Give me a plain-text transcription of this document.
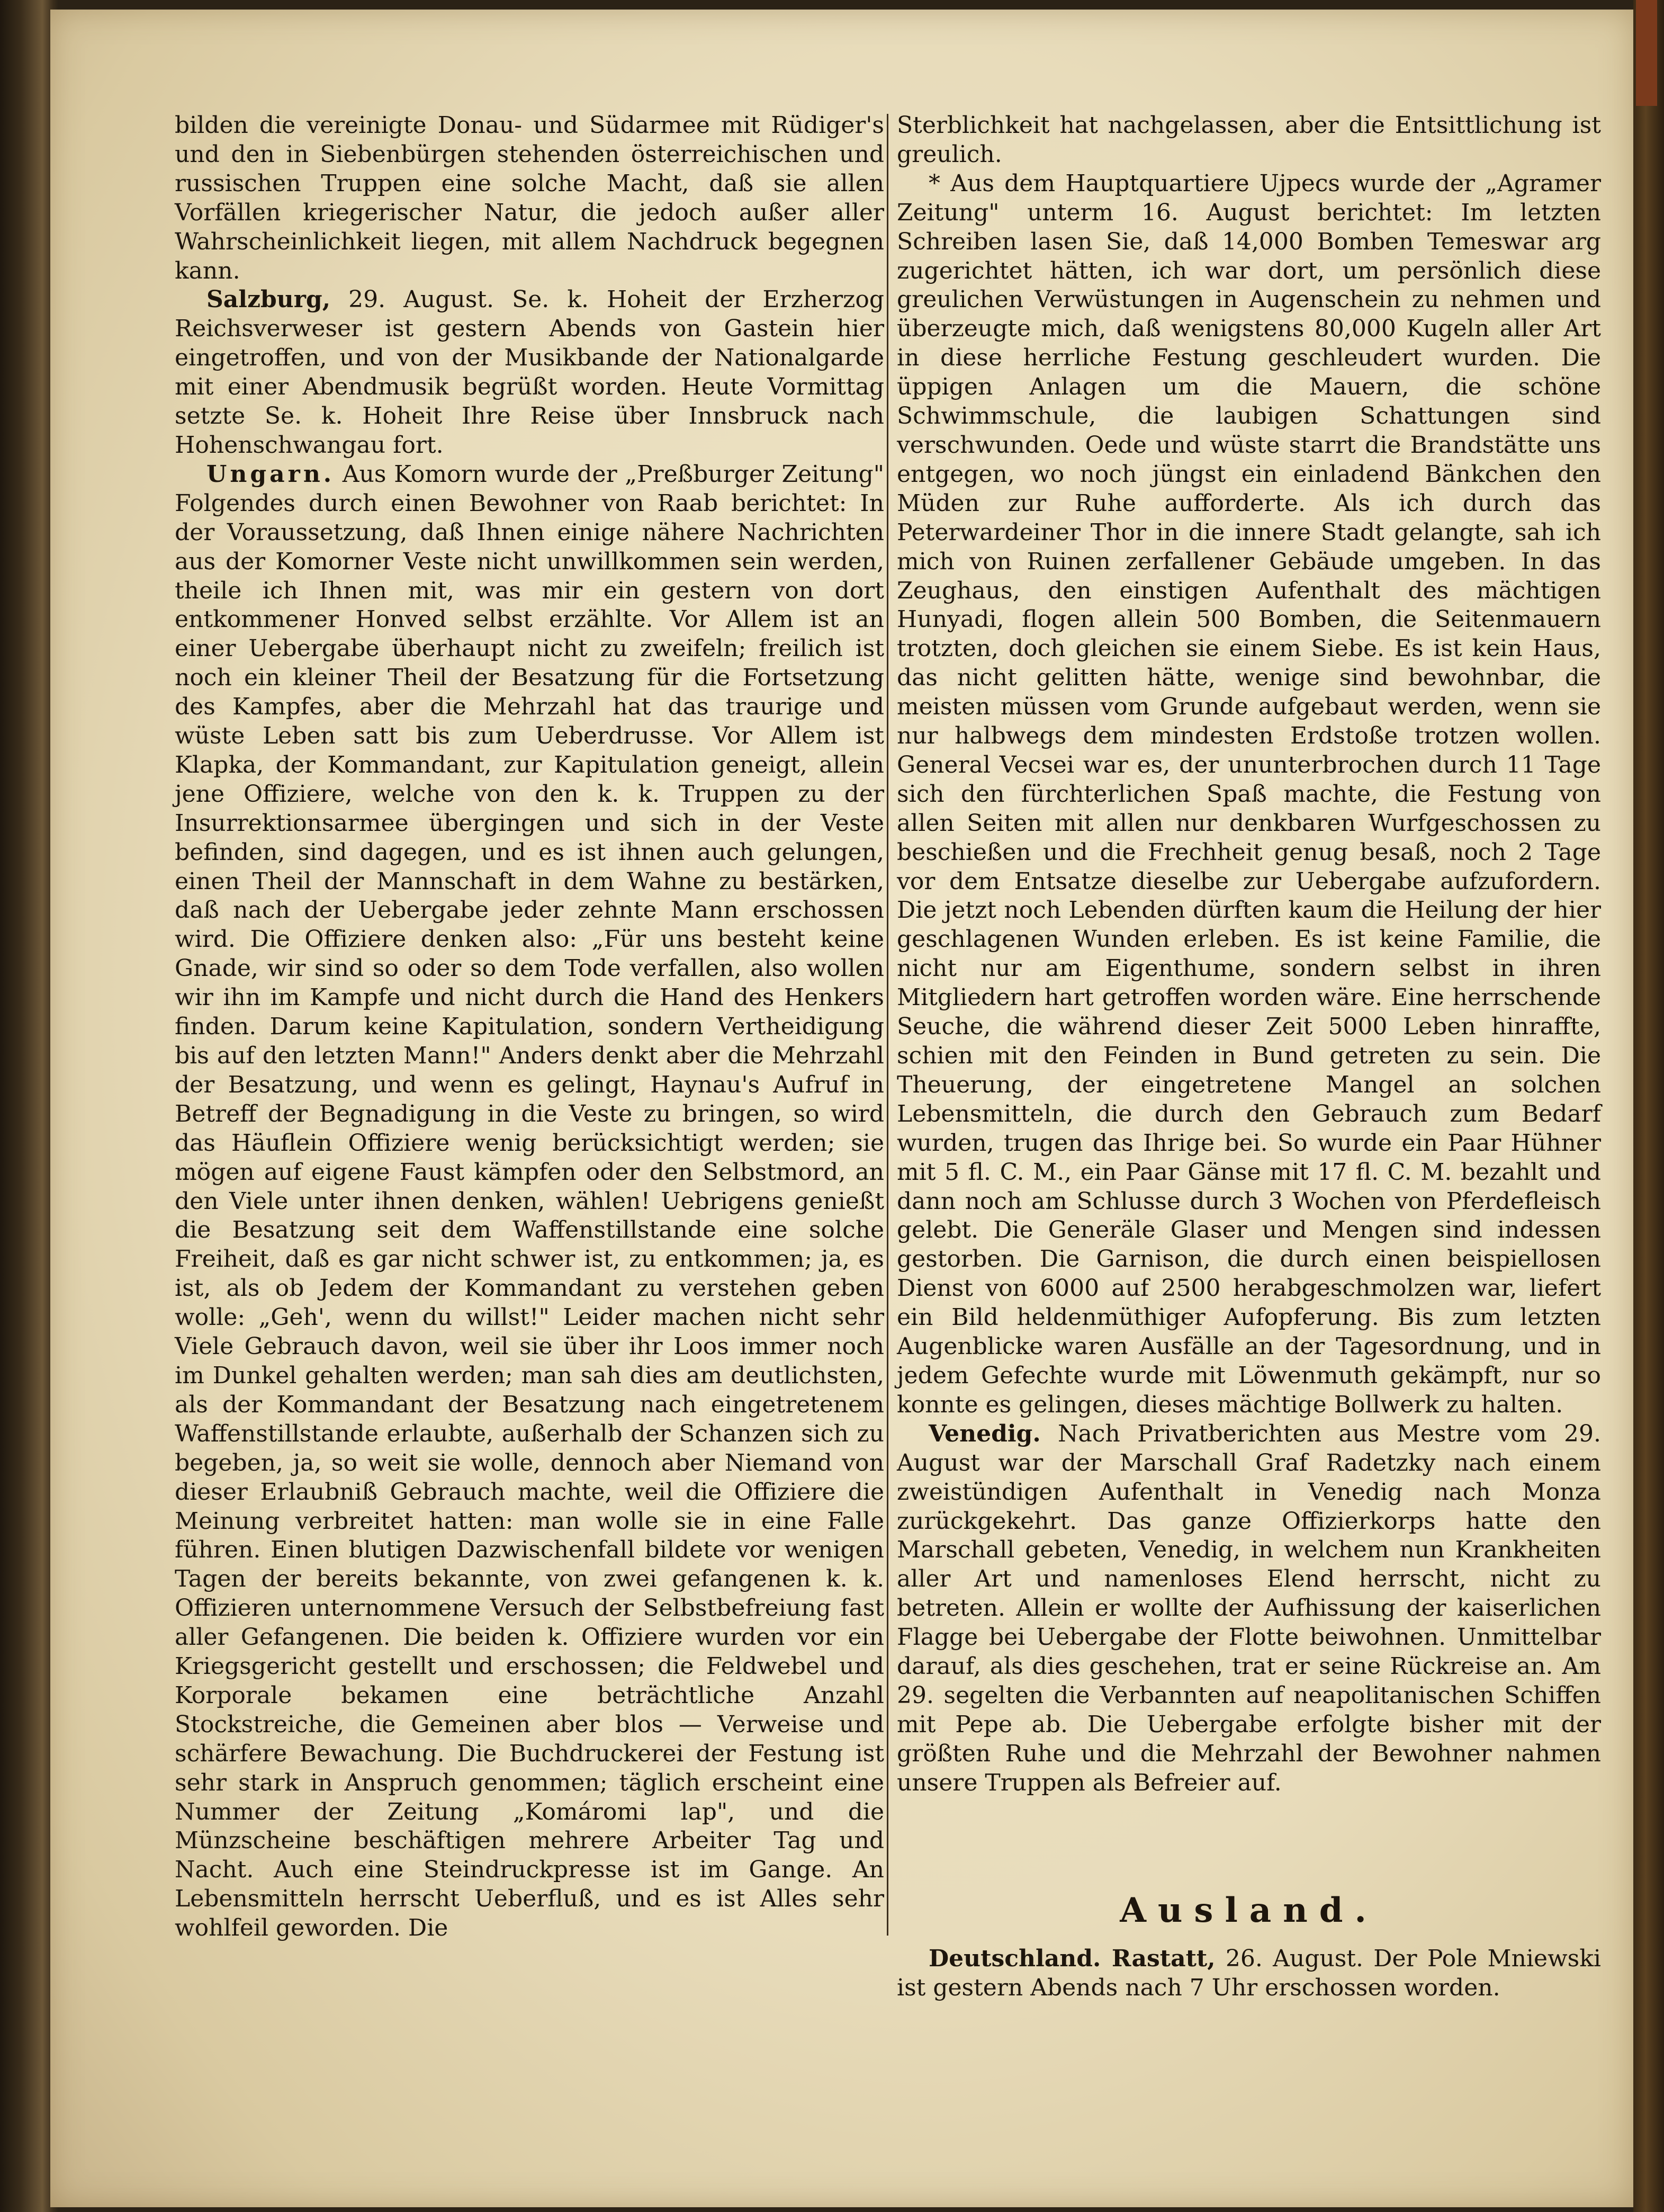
bilden die vereinigte Donau- und Südarmee mit Rüdiger's und den in Siebenbürgen stehenden österreichischen und russischen Truppen eine solche Macht, daß sie allen Vorfällen kriegerischer Natur, die jedoch außer aller Wahrscheinlichkeit liegen, mit allem Nachdruck begegnen kann.

Salzburg, 29. August. Se. k. Hoheit der Erzherzog Reichsverweser ist gestern Abends von Gastein hier eingetroffen, und von der Musikbande der Nationalgarde mit einer Abendmusik begrüßt worden. Heute Vormittag setzte Se. k. Hoheit Ihre Reise über Innsbruck nach Hohenschwangau fort.

Ungarn. Aus Komorn wurde der „Preßburger Zeitung" Folgendes durch einen Bewohner von Raab berichtet: In der Voraussetzung, daß Ihnen einige nähere Nachrichten aus der Komorner Veste nicht unwillkommen sein werden, theile ich Ihnen mit, was mir ein gestern von dort entkommener Honved selbst erzählte. Vor Allem ist an einer Uebergabe überhaupt nicht zu zweifeln; freilich ist noch ein kleiner Theil der Besatzung für die Fortsetzung des Kampfes, aber die Mehrzahl hat das traurige und wüste Leben satt bis zum Ueberdrusse. Vor Allem ist Klapka, der Kommandant, zur Kapitulation geneigt, allein jene Offiziere, welche von den k. k. Truppen zu der Insurrektionsarmee übergingen und sich in der Veste befinden, sind dagegen, und es ist ihnen auch gelungen, einen Theil der Mannschaft in dem Wahne zu bestärken, daß nach der Uebergabe jeder zehnte Mann erschossen wird. Die Offiziere denken also: „Für uns besteht keine Gnade, wir sind so oder so dem Tode verfallen, also wollen wir ihn im Kampfe und nicht durch die Hand des Henkers finden. Darum keine Kapitulation, sondern Vertheidigung bis auf den letzten Mann!" Anders denkt aber die Mehrzahl der Besatzung, und wenn es gelingt, Haynau's Aufruf in Betreff der Begnadigung in die Veste zu bringen, so wird das Häuflein Offiziere wenig berücksichtigt werden; sie mögen auf eigene Faust kämpfen oder den Selbstmord, an den Viele unter ihnen denken, wählen! Uebrigens genießt die Besatzung seit dem Waffenstillstande eine solche Freiheit, daß es gar nicht schwer ist, zu entkommen; ja, es ist, als ob Jedem der Kommandant zu verstehen geben wolle: „Geh', wenn du willst!" Leider machen nicht sehr Viele Gebrauch davon, weil sie über ihr Loos immer noch im Dunkel gehalten werden; man sah dies am deutlichsten, als der Kommandant der Besatzung nach eingetretenem Waffenstillstande erlaubte, außerhalb der Schanzen sich zu begeben, ja, so weit sie wolle, dennoch aber Niemand von dieser Erlaubniß Gebrauch machte, weil die Offiziere die Meinung verbreitet hatten: man wolle sie in eine Falle führen. Einen blutigen Dazwischenfall bildete vor wenigen Tagen der bereits bekannte, von zwei gefangenen k. k. Offizieren unternommene Versuch der Selbstbefreiung fast aller Gefangenen. Die beiden k. Offiziere wurden vor ein Kriegsgericht gestellt und erschossen; die Feldwebel und Korporale bekamen eine beträchtliche Anzahl Stockstreiche, die Gemeinen aber blos — Verweise und schärfere Bewachung. Die Buchdruckerei der Festung ist sehr stark in Anspruch genommen; täglich erscheint eine Nummer der Zeitung „Komáromi lap", und die Münzscheine beschäftigen mehrere Arbeiter Tag und Nacht. Auch eine Steindruckpresse ist im Gange. An Lebensmitteln herrscht Ueberfluß, und es ist Alles sehr wohlfeil geworden. Die

Sterblichkeit hat nachgelassen, aber die Entsittlichung ist greulich.

* Aus dem Hauptquartiere Ujpecs wurde der „Agramer Zeitung" unterm 16. August berichtet: Im letzten Schreiben lasen Sie, daß 14,000 Bomben Temeswar arg zugerichtet hätten, ich war dort, um persönlich diese greulichen Verwüstungen in Augenschein zu nehmen und überzeugte mich, daß wenigstens 80,000 Kugeln aller Art in diese herrliche Festung geschleudert wurden. Die üppigen Anlagen um die Mauern, die schöne Schwimmschule, die laubigen Schattungen sind verschwunden. Oede und wüste starrt die Brandstätte uns entgegen, wo noch jüngst ein einladend Bänkchen den Müden zur Ruhe aufforderte. Als ich durch das Peterwardeiner Thor in die innere Stadt gelangte, sah ich mich von Ruinen zerfallener Gebäude umgeben. In das Zeughaus, den einstigen Aufenthalt des mächtigen Hunyadi, flogen allein 500 Bomben, die Seitenmauern trotzten, doch gleichen sie einem Siebe. Es ist kein Haus, das nicht gelitten hätte, wenige sind bewohnbar, die meisten müssen vom Grunde aufgebaut werden, wenn sie nur halbwegs dem mindesten Erdstoße trotzen wollen. General Vecsei war es, der ununterbrochen durch 11 Tage sich den fürchterlichen Spaß machte, die Festung von allen Seiten mit allen nur denkbaren Wurfgeschossen zu beschießen und die Frechheit genug besaß, noch 2 Tage vor dem Entsatze dieselbe zur Uebergabe aufzufordern. Die jetzt noch Lebenden dürften kaum die Heilung der hier geschlagenen Wunden erleben. Es ist keine Familie, die nicht nur am Eigenthume, sondern selbst in ihren Mitgliedern hart getroffen worden wäre. Eine herrschende Seuche, die während dieser Zeit 5000 Leben hinraffte, schien mit den Feinden in Bund getreten zu sein. Die Theuerung, der eingetretene Mangel an solchen Lebensmitteln, die durch den Gebrauch zum Bedarf wurden, trugen das Ihrige bei. So wurde ein Paar Hühner mit 5 fl. C. M., ein Paar Gänse mit 17 fl. C. M. bezahlt und dann noch am Schlusse durch 3 Wochen von Pferdefleisch gelebt. Die Generäle Glaser und Mengen sind indessen gestorben. Die Garnison, die durch einen beispiellosen Dienst von 6000 auf 2500 herabgeschmolzen war, liefert ein Bild heldenmüthiger Aufopferung. Bis zum letzten Augenblicke waren Ausfälle an der Tagesordnung, und in jedem Gefechte wurde mit Löwenmuth gekämpft, nur so konnte es gelingen, dieses mächtige Bollwerk zu halten.

Venedig. Nach Privatberichten aus Mestre vom 29. August war der Marschall Graf Radetzky nach einem zweistündigen Aufenthalt in Venedig nach Monza zurückgekehrt. Das ganze Offizierkorps hatte den Marschall gebeten, Venedig, in welchem nun Krankheiten aller Art und namenloses Elend herrscht, nicht zu betreten. Allein er wollte der Aufhissung der kaiserlichen Flagge bei Uebergabe der Flotte beiwohnen. Unmittelbar darauf, als dies geschehen, trat er seine Rückreise an. Am 29. segelten die Verbannten auf neapolitanischen Schiffen mit Pepe ab. Die Uebergabe erfolgte bisher mit der größten Ruhe und die Mehrzahl der Bewohner nahmen unsere Truppen als Befreier auf.

Ausland.

Deutschland. Rastatt, 26. August. Der Pole Mniewski ist gestern Abends nach 7 Uhr erschossen worden.
